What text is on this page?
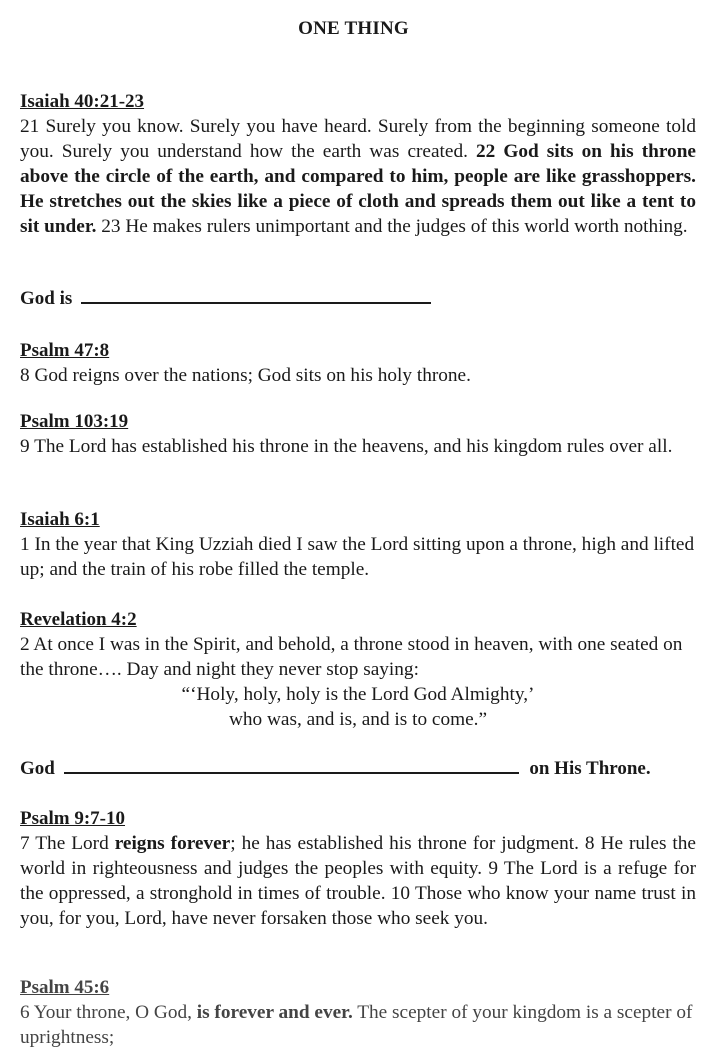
ONE THING
Isaiah 40:21-23

21 Surely you know. Surely you have heard. Surely from the beginning someone told you. Surely you understand how the earth was created. 22 God sits on his throne above the circle of the earth, and compared to him, people are like grasshoppers. He stretches out the skies like a piece of cloth and spreads them out like a tent to sit under. 23 He makes rulers unimportant and the judges of this world worth nothing.

God is
Psalm 47:8

8 God reigns over the nations; God sits on his holy throne.

Psalm 103:19

9 The Lord has established his throne in the heavens, and his kingdom rules over all.

Isaiah 6:1

1 In the year that King Uzziah died I saw the Lord sitting upon a throne, high and lifted up; and the train of his robe filled the temple.

Revelation 4:2

2 At once I was in the Spirit, and behold, a throne stood in heaven, with one seated on the throne…. Day and night they never stop saying:

“‘Holy, holy, holy is the Lord God Almighty,’
who was, and is, and is to come.”
God	on His Throne.
Psalm 9:7-10

7 The Lord reigns forever; he has established his throne for judgment. 8 He rules the world in righteousness and judges the peoples with equity. 9 The Lord is a refuge for the oppressed, a stronghold in times of trouble. 10 Those who know your name trust in you, for you, Lord, have never forsaken those who seek you.

Psalm 45:6

6 Your throne, O God, is forever and ever. The scepter of your kingdom is a scepter of uprightness;
